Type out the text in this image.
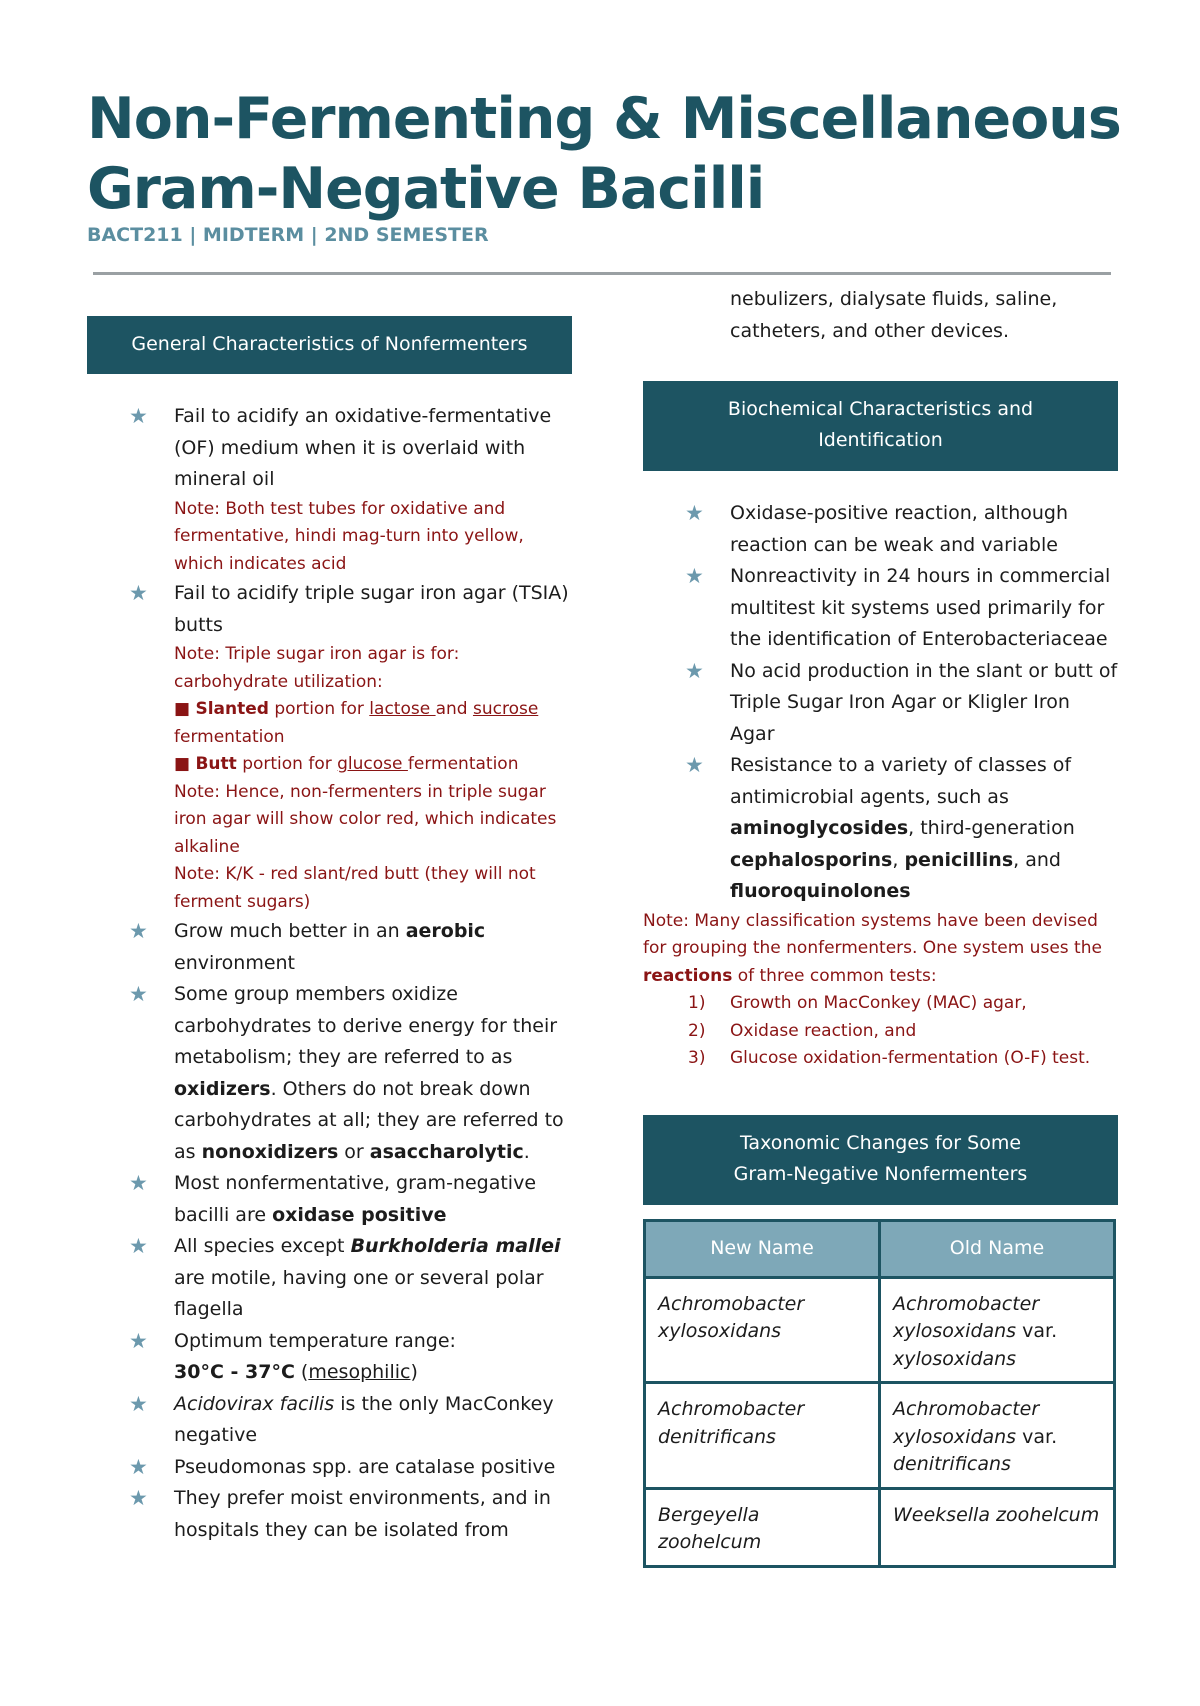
Non-Fermenting & Miscellaneous
Gram-Negative Bacilli
BACT211 | MIDTERM | 2ND SEMESTER
General Characteristics of Nonfermenters
★ Fail to acidify an oxidative-fermentative (OF) medium when it is overlaid with mineral oil
Note: Both test tubes for oxidative and fermentative, hindi mag-turn into yellow, which indicates acid
★ Fail to acidify triple sugar iron agar (TSIA) butts
Note: Triple sugar iron agar is for: carbohydrate utilization:
■ Slanted portion for lactose and sucrose fermentation
■ Butt portion for glucose fermentation
Note: Hence, non-fermenters in triple sugar iron agar will show color red, which indicates alkaline
Note: K/K - red slant/red butt (they will not ferment sugars)
★ Grow much better in an aerobic environment
★ Some group members oxidize carbohydrates to derive energy for their metabolism; they are referred to as oxidizers. Others do not break down carbohydrates at all; they are referred to as nonoxidizers or asaccharolytic.
★ Most nonfermentative, gram-negative bacilli are oxidase positive
★ All species except Burkholderia mallei are motile, having one or several polar flagella
★ Optimum temperature range:
30°C - 37°C (mesophilic)
★ Acidovirax facilis is the only MacConkey negative
★ Pseudomonas spp. are catalase positive
★ They prefer moist environments, and in hospitals they can be isolated from
nebulizers, dialysate fluids, saline, catheters, and other devices.
Biochemical Characteristics and Identification
★ Oxidase-positive reaction, although reaction can be weak and variable
★ Nonreactivity in 24 hours in commercial multitest kit systems used primarily for the identification of Enterobacteriaceae
★ No acid production in the slant or butt of Triple Sugar Iron Agar or Kligler Iron Agar
★ Resistance to a variety of classes of antimicrobial agents, such as aminoglycosides, third-generation cephalosporins, penicillins, and fluoroquinolones
Note: Many classification systems have been devised for grouping the nonfermenters. One system uses the reactions of three common tests:
1) Growth on MacConkey (MAC) agar,
2) Oxidase reaction, and
3) Glucose oxidation-fermentation (O-F) test.
Taxonomic Changes for Some Gram-Negative Nonfermenters
New Name	Old Name
Achromobacter xylosoxidans	Achromobacter xylosoxidans var. xylosoxidans
Achromobacter denitrificans	Achromobacter xylosoxidans var. denitrificans
Bergeyella zoohelcum	Weeksella zoohelcum
